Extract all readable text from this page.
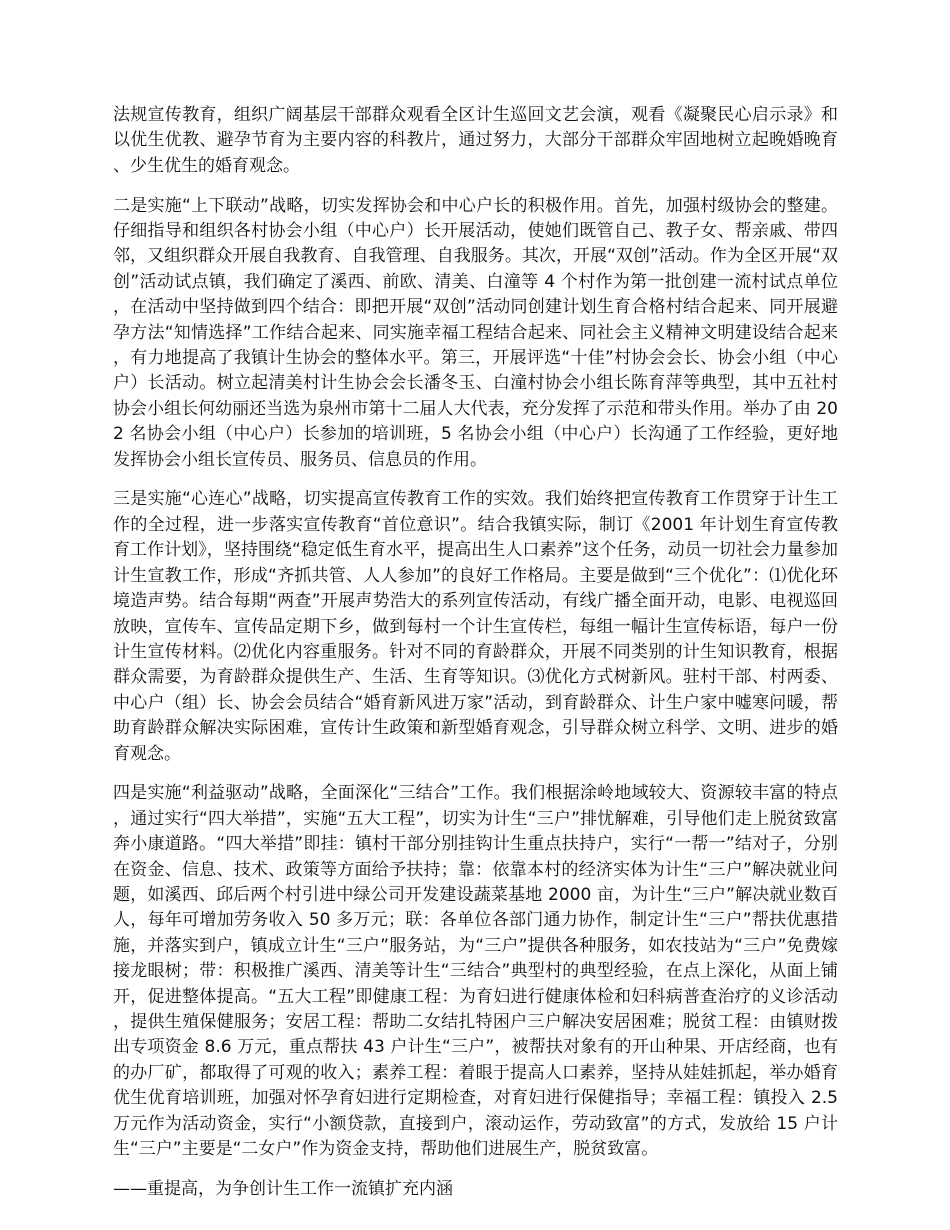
法规宣传教育，组织广阔基层干部群众观看全区计生巡回文艺会演，观看《凝聚民心启示录》和以优生优教、避孕节育为主要内容的科教片，通过努力，大部分干部群众牢固地树立起晚婚晚育、少生优生的婚育观念。

二是实施“上下联动”战略，切实发挥协会和中心户长的积极作用。首先，加强村级协会的整建。仔细指导和组织各村协会小组（中心户）长开展活动，使她们既管自己、教子女、帮亲戚、带四邻，又组织群众开展自我教育、自我管理、自我服务。其次，开展“双创”活动。作为全区开展“双创”活动试点镇，我们确定了溪西、前欧、清美、白潼等 4 个村作为第一批创建一流村试点单位，在活动中坚持做到四个结合：即把开展“双创”活动同创建计划生育合格村结合起来、同开展避孕方法“知情选择”工作结合起来、同实施幸福工程结合起来、同社会主义精神文明建设结合起来，有力地提高了我镇计生协会的整体水平。第三，开展评选“十佳”村协会会长、协会小组（中心户）长活动。树立起清美村计生协会会长潘冬玉、白潼村协会小组长陈育萍等典型，其中五社村协会小组长何幼丽还当选为泉州市第十二届人大代表，充分发挥了示范和带头作用。举办了由 202 名协会小组（中心户）长参加的培训班，5 名协会小组（中心户）长沟通了工作经验，更好地发挥协会小组长宣传员、服务员、信息员的作用。

三是实施“心连心”战略，切实提高宣传教育工作的实效。我们始终把宣传教育工作贯穿于计生工作的全过程，进一步落实宣传教育“首位意识”。结合我镇实际，制订《2001 年计划生育宣传教育工作计划》，坚持围绕“稳定低生育水平，提高出生人口素养”这个任务，动员一切社会力量参加计生宣教工作，形成“齐抓共管、人人参加”的良好工作格局。主要是做到“三个优化”：⑴优化环境造声势。结合每期“两查”开展声势浩大的系列宣传活动，有线广播全面开动，电影、电视巡回放映，宣传车、宣传品定期下乡，做到每村一个计生宣传栏，每组一幅计生宣传标语，每户一份计生宣传材料。⑵优化内容重服务。针对不同的育龄群众，开展不同类别的计生知识教育，根据群众需要，为育龄群众提供生产、生活、生育等知识。⑶优化方式树新风。驻村干部、村两委、中心户（组）长、协会会员结合“婚育新风进万家”活动，到育龄群众、计生户家中嘘寒问暖，帮助育龄群众解决实际困难，宣传计生政策和新型婚育观念，引导群众树立科学、文明、进步的婚育观念。

四是实施“利益驱动”战略，全面深化“三结合”工作。我们根据涂岭地域较大、资源较丰富的特点，通过实行“四大举措”，实施“五大工程”，切实为计生“三户”排忧解难，引导他们走上脱贫致富奔小康道路。“四大举措”即挂：镇村干部分别挂钩计生重点扶持户，实行“一帮一”结对子，分别在资金、信息、技术、政策等方面给予扶持；靠：依靠本村的经济实体为计生“三户”解决就业问题，如溪西、邱后两个村引进中绿公司开发建设蔬菜基地 2000 亩，为计生“三户”解决就业数百人，每年可增加劳务收入 50 多万元；联：各单位各部门通力协作，制定计生“三户”帮扶优惠措施，并落实到户，镇成立计生“三户”服务站，为“三户”提供各种服务，如农技站为“三户”免费嫁接龙眼树；带：积极推广溪西、清美等计生“三结合”典型村的典型经验，在点上深化，从面上铺开，促进整体提高。“五大工程”即健康工程：为育妇进行健康体检和妇科病普查治疗的义诊活动，提供生殖保健服务；安居工程：帮助二女结扎特困户三户解决安居困难；脱贫工程：由镇财拨出专项资金 8.6 万元，重点帮扶 43 户计生“三户”，被帮扶对象有的开山种果、开店经商，也有的办厂矿，都取得了可观的收入；素养工程：着眼于提高人口素养，坚持从娃娃抓起，举办婚育优生优育培训班，加强对怀孕育妇进行定期检查，对育妇进行保健指导；幸福工程：镇投入 2.5 万元作为活动资金，实行“小额贷款，直接到户，滚动运作，劳动致富”的方式，发放给 15 户计生“三户”主要是“二女户”作为资金支持，帮助他们进展生产，脱贫致富。

——重提高，为争创计生工作一流镇扩充内涵
